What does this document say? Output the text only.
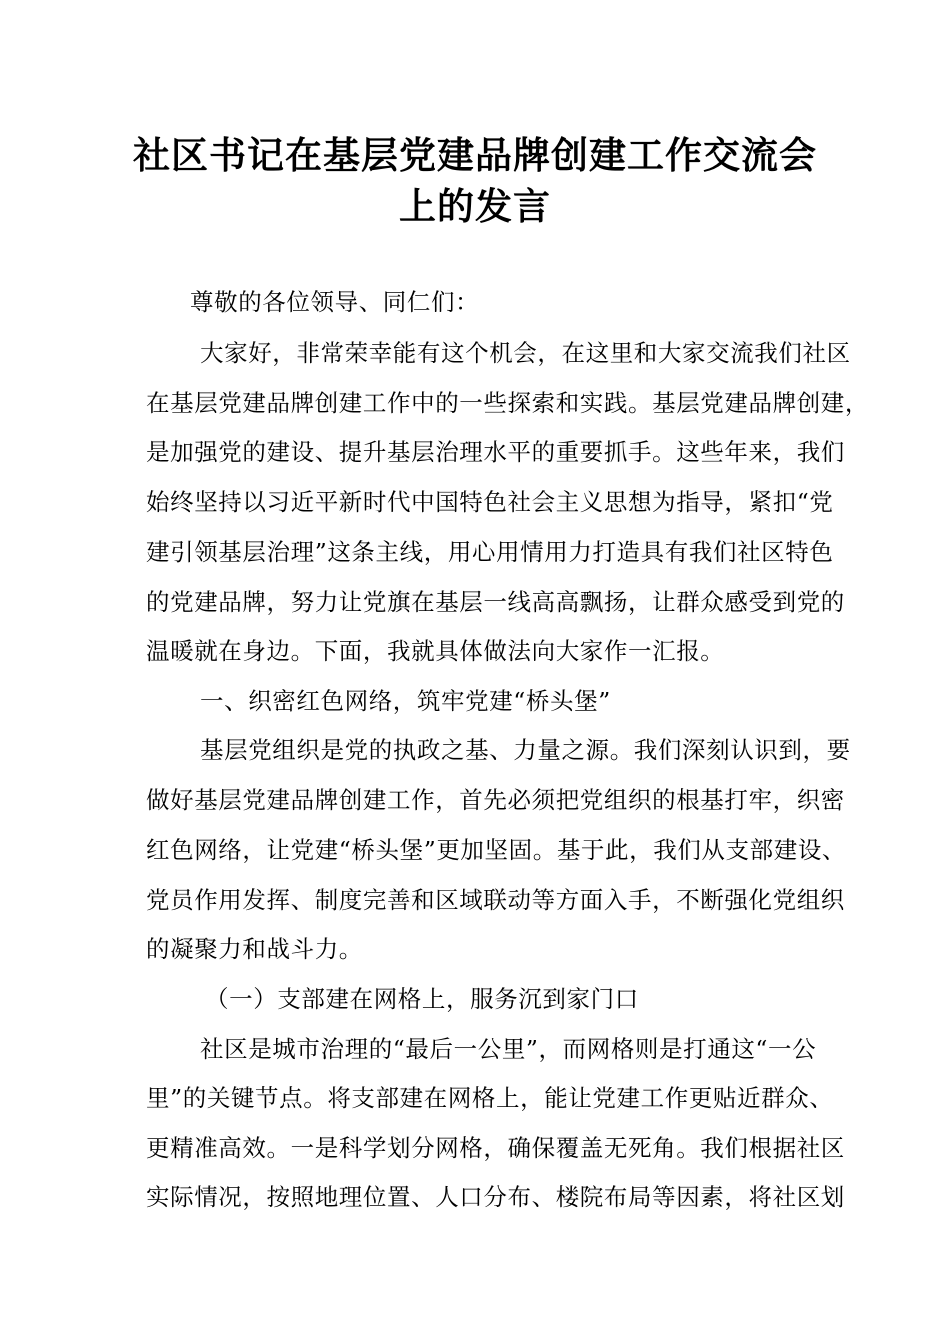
社区书记在基层党建品牌创建工作交流会
上的发言
尊敬的各位领导、同仁们：
大家好，非常荣幸能有这个机会，在这里和大家交流我们社区
在基层党建品牌创建工作中的一些探索和实践。基层党建品牌创建，
是加强党的建设、提升基层治理水平的重要抓手。这些年来，我们
始终坚持以习近平新时代中国特色社会主义思想为指导，紧扣“党
建引领基层治理”这条主线，用心用情用力打造具有我们社区特色
的党建品牌，努力让党旗在基层一线高高飘扬，让群众感受到党的
温暖就在身边。下面，我就具体做法向大家作一汇报。
一、织密红色网络，筑牢党建“桥头堡”
基层党组织是党的执政之基、力量之源。我们深刻认识到，要
做好基层党建品牌创建工作，首先必须把党组织的根基打牢，织密
红色网络，让党建“桥头堡”更加坚固。基于此，我们从支部建设、
党员作用发挥、制度完善和区域联动等方面入手，不断强化党组织
的凝聚力和战斗力。
（一）支部建在网格上，服务沉到家门口
社区是城市治理的“最后一公里”，而网格则是打通这“一公
里”的关键节点。将支部建在网格上，能让党建工作更贴近群众、
更精准高效。一是科学划分网格，确保覆盖无死角。我们根据社区
实际情况，按照地理位置、人口分布、楼院布局等因素，将社区划
